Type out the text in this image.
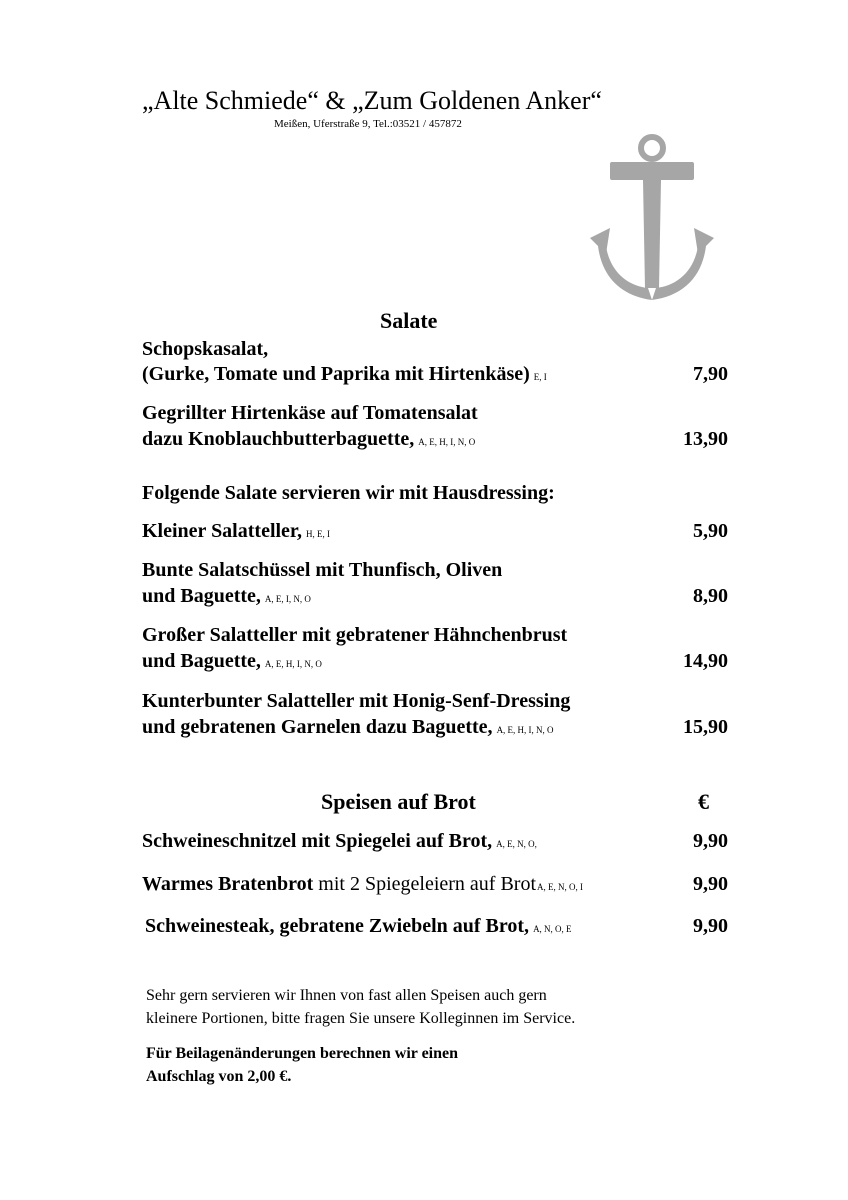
„Alte Schmiede“ & „Zum Goldenen Anker“
Meißen, Uferstraße 9, Tel.:03521 / 457872
Salate
Schopskasalat,
(Gurke, Tomate und Paprika mit Hirtenkäse) E, I	7,90
Gegrillter Hirtenkäse auf Tomatensalat
dazu Knoblauchbutterbaguette, A, E, H, I, N, O	13,90
Folgende Salate servieren wir mit Hausdressing:
Kleiner Salatteller, H, E, I	5,90
Bunte Salatschüssel mit Thunfisch, Oliven
und Baguette, A, E, I, N, O	8,90
Großer Salatteller mit gebratener Hähnchenbrust
und Baguette, A, E, H, I, N, O	14,90
Kunterbunter Salatteller mit Honig-Senf-Dressing
und gebratenen Garnelen dazu Baguette, A, E, H, I, N, O	15,90
Speisen auf Brot	€
Schweineschnitzel mit Spiegelei auf Brot, A, E, N, O,	9,90
Warmes Bratenbrot mit 2 Spiegeleiern auf BrotA, E, N, O, I	9,90
Schweinesteak, gebratene Zwiebeln auf Brot, A, N, O, E	9,90
Sehr gern servieren wir Ihnen von fast allen Speisen auch gern
kleinere Portionen, bitte fragen Sie unsere Kolleginnen im Service.
Für Beilagenänderungen berechnen wir einen
Aufschlag von 2,00 €.
